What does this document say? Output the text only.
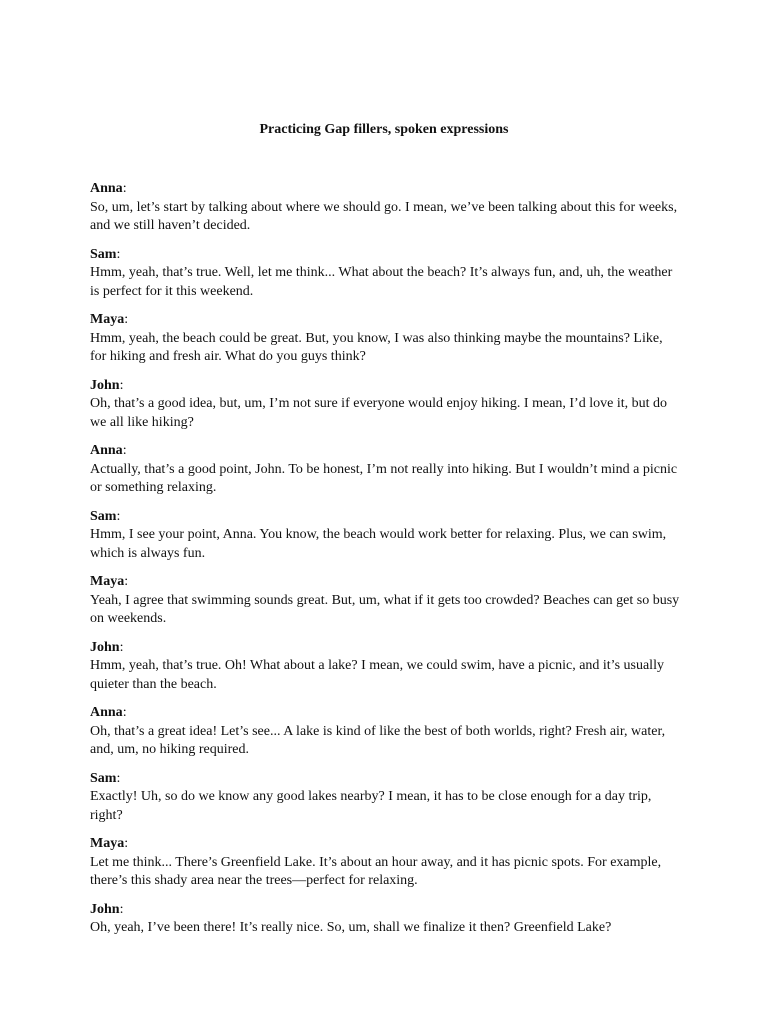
Practicing Gap fillers, spoken expressions
Anna:
So, um, let’s start by talking about where we should go. I mean, we’ve been talking about this for weeks, and we still haven’t decided.
Sam:
Hmm, yeah, that’s true. Well, let me think... What about the beach? It’s always fun, and, uh, the weather is perfect for it this weekend.
Maya:
Hmm, yeah, the beach could be great. But, you know, I was also thinking maybe the mountains? Like, for hiking and fresh air. What do you guys think?
John:
Oh, that’s a good idea, but, um, I’m not sure if everyone would enjoy hiking. I mean, I’d love it, but do we all like hiking?
Anna:
Actually, that’s a good point, John. To be honest, I’m not really into hiking. But I wouldn’t mind a picnic or something relaxing.
Sam:
Hmm, I see your point, Anna. You know, the beach would work better for relaxing. Plus, we can swim, which is always fun.
Maya:
Yeah, I agree that swimming sounds great. But, um, what if it gets too crowded? Beaches can get so busy on weekends.
John:
Hmm, yeah, that’s true. Oh! What about a lake? I mean, we could swim, have a picnic, and it’s usually quieter than the beach.
Anna:
Oh, that’s a great idea! Let’s see... A lake is kind of like the best of both worlds, right? Fresh air, water, and, um, no hiking required.
Sam:
Exactly! Uh, so do we know any good lakes nearby? I mean, it has to be close enough for a day trip, right?
Maya:
Let me think... There’s Greenfield Lake. It’s about an hour away, and it has picnic spots. For example, there’s this shady area near the trees—perfect for relaxing.
John:
Oh, yeah, I’ve been there! It’s really nice. So, um, shall we finalize it then? Greenfield Lake?
